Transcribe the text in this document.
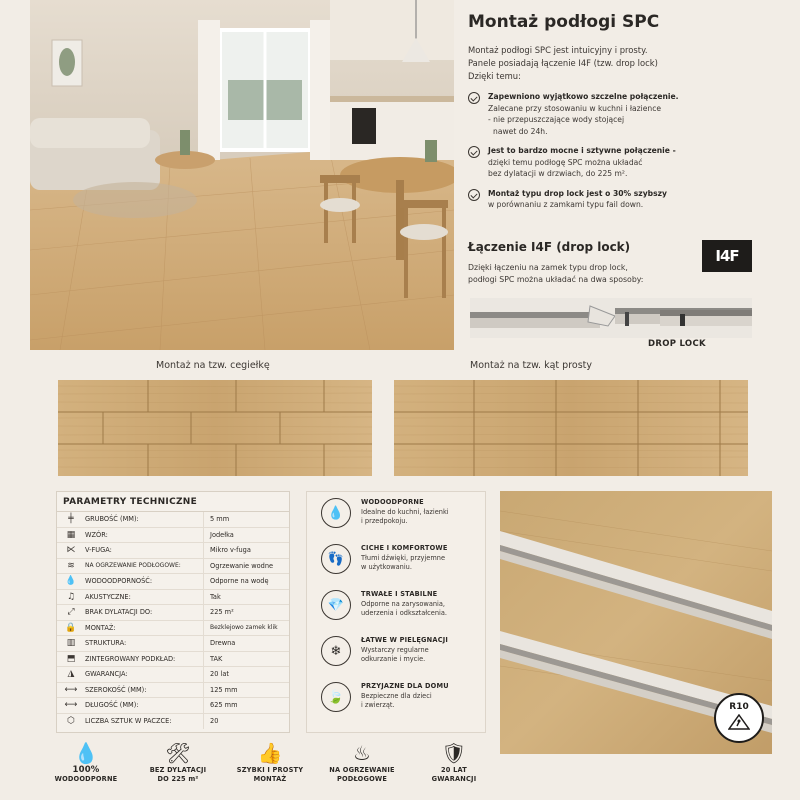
Montaż podłogi SPC
Montaż podłogi SPC jest intuicyjny i prosty.
Panele posiadają łączenie I4F (tzw. drop lock)
Dzięki temu:
Zapewniono wyjątkowo szczelne połączenie.
Zalecane przy stosowaniu w kuchni i łazience
- nie przepuszczające wody stojącej
nawet do 24h.
Jest to bardzo mocne i sztywne połączenie -
dzięki temu podłogę SPC można układać
bez dylatacji w drzwiach, do 225 m².
Montaż typu drop lock jest o 30% szybszy
w porównaniu z zamkami typu fail down.
Łączenie I4F (drop lock)
Dzięki łączeniu na zamek typu drop lock,
podłogi SPC można układać na dwa sposoby:
I4F
DROP LOCK
Montaż na tzw. cegiełkę	Montaż na tzw. kąt prosty
PARAMETRY TECHNICZNE
╪	GRUBOŚĆ (MM):	5 mm
▦	WZÓR:	Jodełka
⋉	V-FUGA:	Mikro v-fuga
≋	NA OGRZEWANIE PODŁOGOWE:	Ogrzewanie wodne
💧	WODOODPORNOŚĆ:	Odporne na wodę
♫	AKUSTYCZNE:	Tak
⤢	BRAK DYLATACJI DO:	225 m²
🔒	MONTAŻ:	Bezklejowo zamek klik
▥	STRUKTURA:	Drewna
⬒	ZINTEGROWANY PODKŁAD:	TAK
◮	GWARANCJA:	20 lat
⟷	SZEROKOŚĆ (MM):	125 mm
⟷	DŁUGOŚĆ (MM):	625 mm
⬡	LICZBA SZTUK W PACZCE:	20
💧
WODOODPORNE
Idealne do kuchni, łazienki
i przedpokoju.
👣
CICHE I KOMFORTOWE
Tłumi dźwięki, przyjemne
w użytkowaniu.
💎
TRWAŁE I STABILNE
Odporne na zarysowania,
uderzenia i odkształcenia.
❄
ŁATWE W PIELĘGNACJI
Wystarczy regularne
odkurzanie i mycie.
🍃
PRZYJAZNE DLA DOMU
Bezpieczne dla dzieci
i zwierząt.	R10
💧
100%
WODOODPORNE
🛠
BEZ DYLATACJI
DO 225 m²
👍
SZYBKI I PROSTY
MONTAŻ
♨
NA OGRZEWANIE
PODŁOGOWE
🛡
20 LAT
GWARANCJI
